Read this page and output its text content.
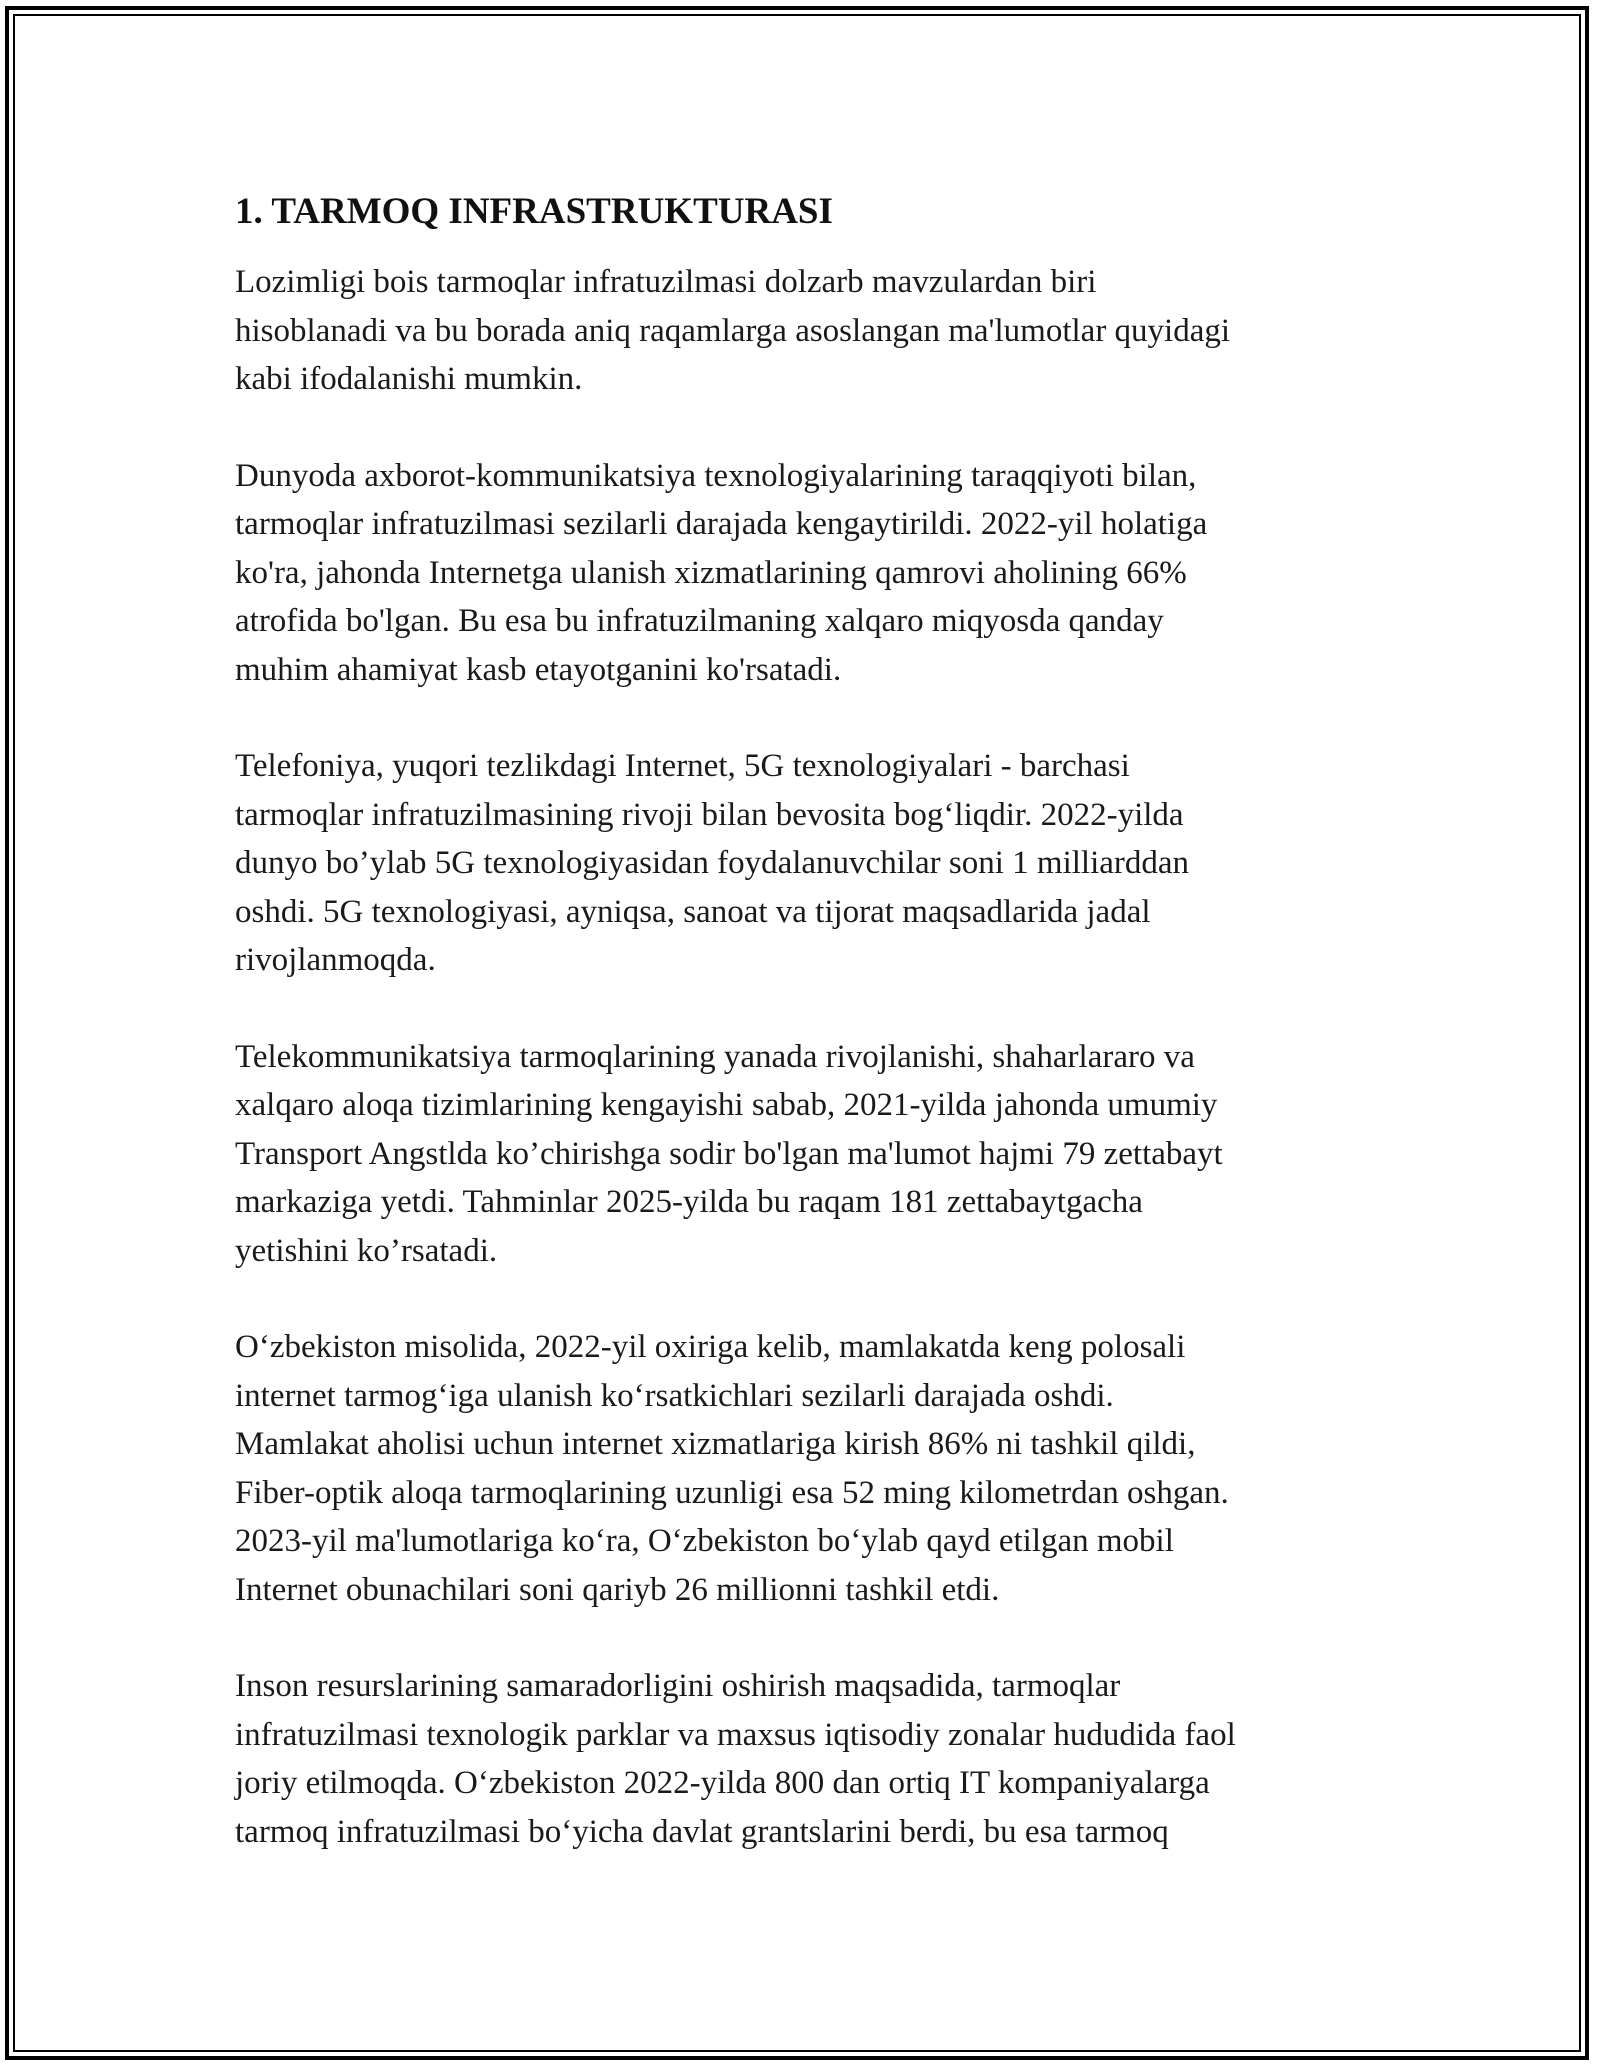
1. TARMOQ INFRASTRUKTURASI

Lozimligi bois tarmoqlar infratuzilmasi dolzarb mavzulardan biri
hisoblanadi va bu borada aniq raqamlarga asoslangan ma'lumotlar quyidagi
kabi ifodalanishi mumkin.

Dunyoda axborot-kommunikatsiya texnologiyalarining taraqqiyoti bilan,
tarmoqlar infratuzilmasi sezilarli darajada kengaytirildi. 2022-yil holatiga
ko'ra, jahonda Internetga ulanish xizmatlarining qamrovi aholining 66%
atrofida bo'lgan. Bu esa bu infratuzilmaning xalqaro miqyosda qanday
muhim ahamiyat kasb etayotganini ko'rsatadi.

Telefoniya, yuqori tezlikdagi Internet, 5G texnologiyalari - barchasi
tarmoqlar infratuzilmasining rivoji bilan bevosita bog‘liqdir. 2022-yilda
dunyo bo’ylab 5G texnologiyasidan foydalanuvchilar soni 1 milliarddan
oshdi. 5G texnologiyasi, ayniqsa, sanoat va tijorat maqsadlarida jadal
rivojlanmoqda.

Telekommunikatsiya tarmoqlarining yanada rivojlanishi, shaharlararo va
xalqaro aloqa tizimlarining kengayishi sabab, 2021-yilda jahonda umumiy
Transport Angstlda ko’chirishga sodir bo'lgan ma'lumot hajmi 79 zettabayt
markaziga yetdi. Tahminlar 2025-yilda bu raqam 181 zettabaytgacha
yetishini ko’rsatadi.

O‘zbekiston misolida, 2022-yil oxiriga kelib, mamlakatda keng polosali
internet tarmog‘iga ulanish ko‘rsatkichlari sezilarli darajada oshdi.
Mamlakat aholisi uchun internet xizmatlariga kirish 86% ni tashkil qildi,
Fiber-optik aloqa tarmoqlarining uzunligi esa 52 ming kilometrdan oshgan.
2023-yil ma'lumotlariga ko‘ra, O‘zbekiston bo‘ylab qayd etilgan mobil
Internet obunachilari soni qariyb 26 millionni tashkil etdi.

Inson resurslarining samaradorligini oshirish maqsadida, tarmoqlar
infratuzilmasi texnologik parklar va maxsus iqtisodiy zonalar hududida faol
joriy etilmoqda. O‘zbekiston 2022-yilda 800 dan ortiq IT kompaniyalarga
tarmoq infratuzilmasi bo‘yicha davlat grantslarini berdi, bu esa tarmoq
